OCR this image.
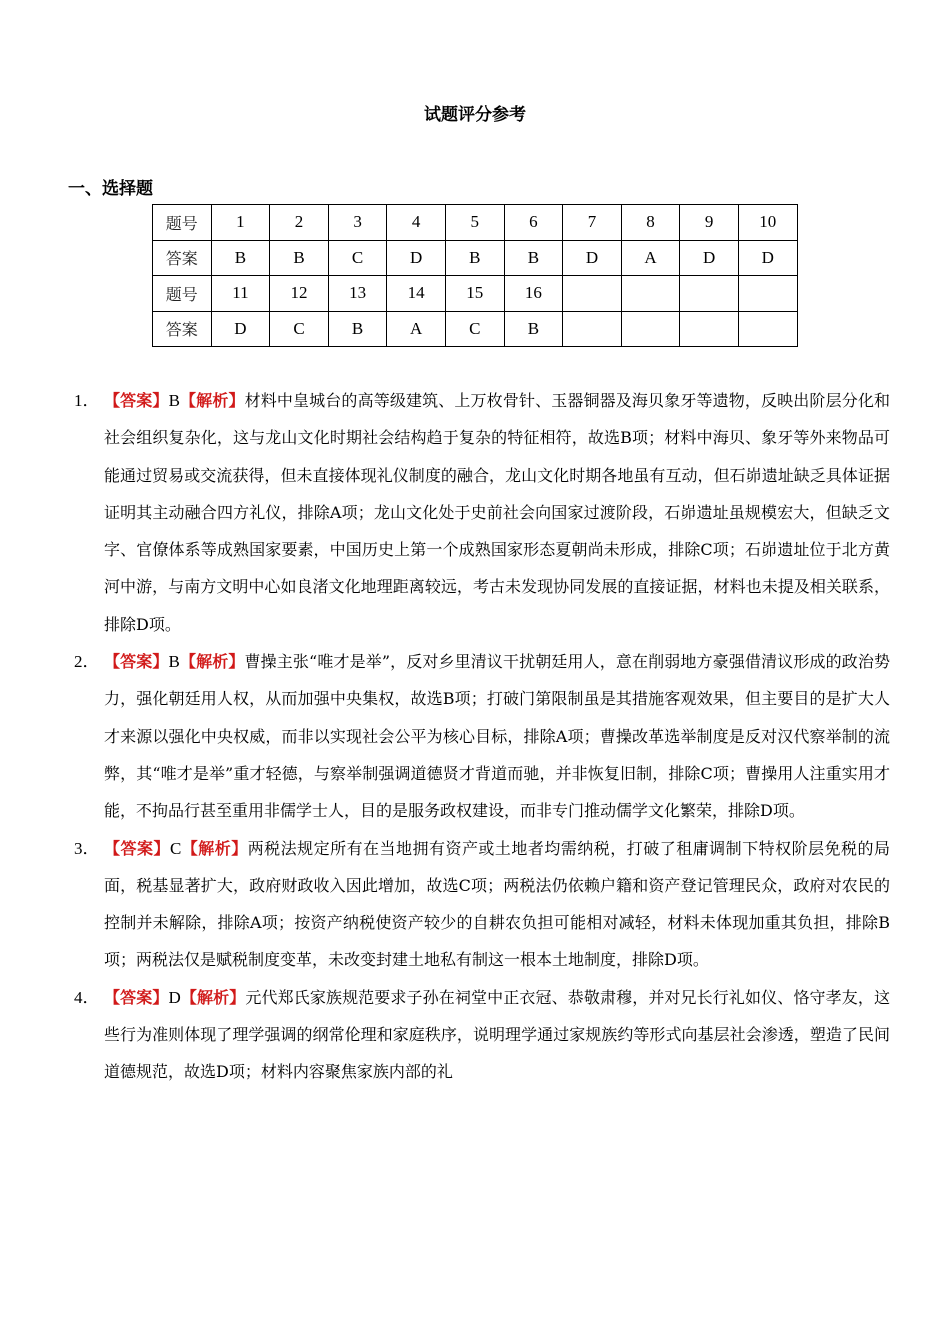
试题评分参考
一、选择题
题号	1	2	3	4	5	6	7	8	9	10
答案	B	B	C	D	B	B	D	A	D	D
题号	11	12	13	14	15	16				
答案	D	C	B	A	C	B				
1． 【答案】B【解析】材料中皇城台的高等级建筑、上万枚骨针、玉器铜器及海贝象牙等遗物，反映出阶层分化和社会组织复杂化，这与龙山文化时期社会结构趋于复杂的特征相符，故选B项；材料中海贝、象牙等外来物品可能通过贸易或交流获得，但未直接体现礼仪制度的融合，龙山文化时期各地虽有互动，但石峁遗址缺乏具体证据证明其主动融合四方礼仪，排除A项；龙山文化处于史前社会向国家过渡阶段，石峁遗址虽规模宏大，但缺乏文字、官僚体系等成熟国家要素，中国历史上第一个成熟国家形态夏朝尚未形成，排除C项；石峁遗址位于北方黄河中游，与南方文明中心如良渚文化地理距离较远，考古未发现协同发展的直接证据，材料也未提及相关联系，排除D项。
2． 【答案】B【解析】曹操主张“唯才是举”，反对乡里清议干扰朝廷用人，意在削弱地方豪强借清议形成的政治势力，强化朝廷用人权，从而加强中央集权，故选B项；打破门第限制虽是其措施客观效果，但主要目的是扩大人才来源以强化中央权威，而非以实现社会公平为核心目标，排除A项；曹操改革选举制度是反对汉代察举制的流弊，其“唯才是举”重才轻德，与察举制强调道德贤才背道而驰，并非恢复旧制，排除C项；曹操用人注重实用才能，不拘品行甚至重用非儒学士人，目的是服务政权建设，而非专门推动儒学文化繁荣，排除D项。
3． 【答案】C【解析】两税法规定所有在当地拥有资产或土地者均需纳税，打破了租庸调制下特权阶层免税的局面，税基显著扩大，政府财政收入因此增加，故选C项；两税法仍依赖户籍和资产登记管理民众，政府对农民的控制并未解除，排除A项；按资产纳税使资产较少的自耕农负担可能相对减轻，材料未体现加重其负担，排除B项；两税法仅是赋税制度变革，未改变封建土地私有制这一根本土地制度，排除D项。
4． 【答案】D【解析】元代郑氏家族规范要求子孙在祠堂中正衣冠、恭敬肃穆，并对兄长行礼如仪、恪守孝友，这些行为准则体现了理学强调的纲常伦理和家庭秩序，说明理学通过家规族约等形式向基层社会渗透，塑造了民间道德规范，故选D项；材料内容聚焦家族内部的礼
